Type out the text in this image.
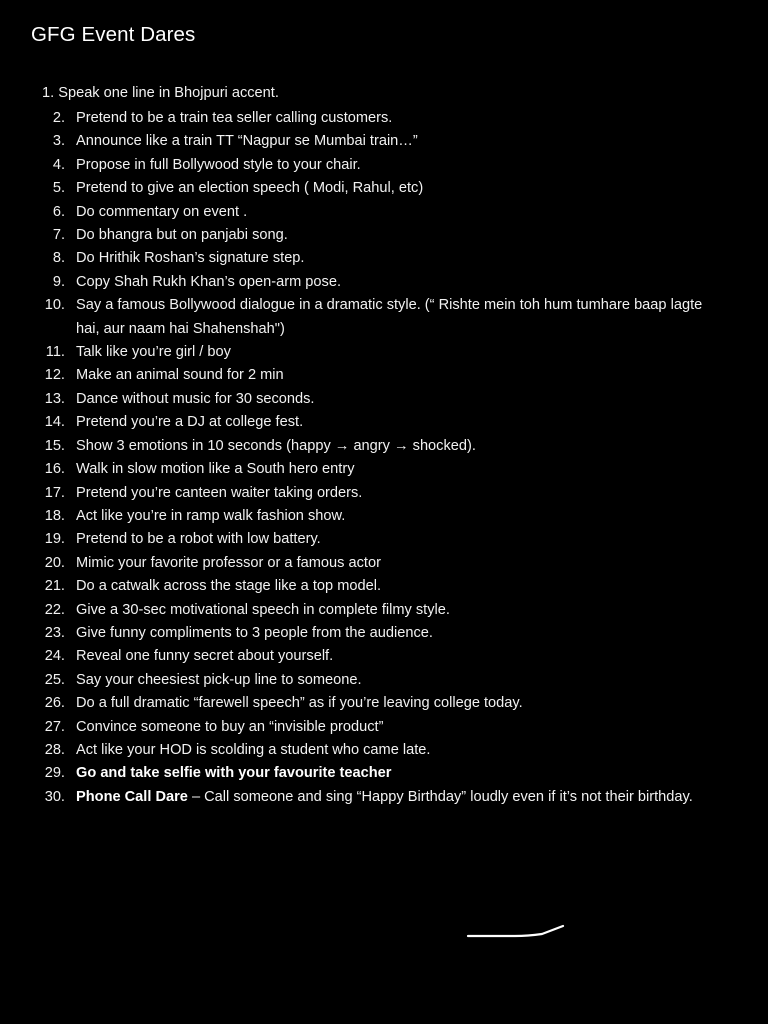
GFG Event Dares
1. Speak one line in Bhojpuri accent.
2. Pretend to be a train tea seller calling customers.
3. Announce like a train TT “Nagpur se Mumbai train…”
4. Propose in full Bollywood style to your chair.
5. Pretend to give an election speech ( Modi, Rahul, etc)
6. Do commentary on event .
7. Do bhangra but on panjabi song.
8. Do Hrithik Roshan’s signature step.
9. Copy Shah Rukh Khan’s open-arm pose.
10. Say a famous Bollywood dialogue in a dramatic style. (“ Rishte mein toh hum tumhare baap lagte hai, aur naam hai Shahenshah")
11. Talk like you’re girl / boy
12. Make an animal sound for 2 min
13. Dance without music for 30 seconds.
14. Pretend you’re a DJ at college fest.
15. Show 3 emotions in 10 seconds (happy → angry → shocked).
16. Walk in slow motion like a South hero entry
17. Pretend you’re canteen waiter taking orders.
18. Act like you’re in ramp walk fashion show.
19. Pretend to be a robot with low battery.
20. Mimic your favorite professor or a famous actor
21. Do a catwalk across the stage like a top model.
22. Give a 30-sec motivational speech in complete filmy style.
23. Give funny compliments to 3 people from the audience.
24. Reveal one funny secret about yourself.
25. Say your cheesiest pick-up line to someone.
26. Do a full dramatic “farewell speech” as if you’re leaving college today.
27. Convince someone to buy an “invisible product”
28. Act like your HOD is scolding a student who came late.
29. Go and take selfie with your favourite teacher
30. Phone Call Dare – Call someone and sing “Happy Birthday” loudly even if it’s not their birthday.
